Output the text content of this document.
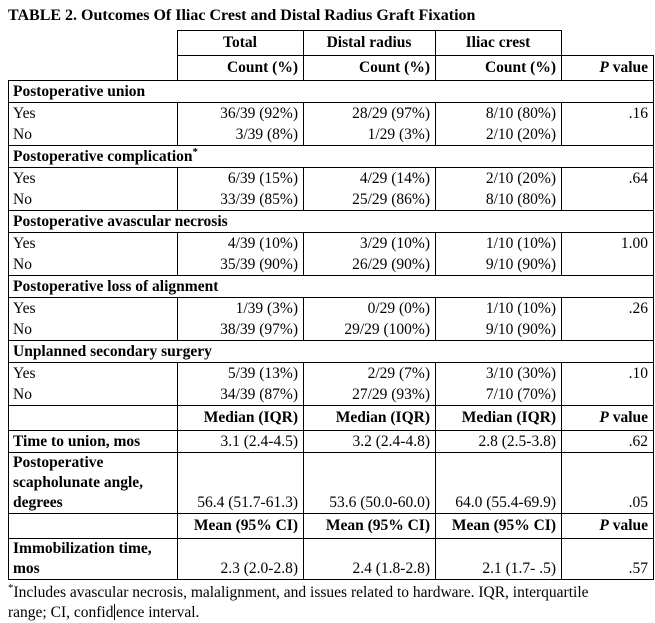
TABLE 2. Outcomes Of Iliac Crest and Distal Radius Graft Fixation
	Total	Distal radius	Iliac crest	
	Count (%)	Count (%)	Count (%)	P value
Postoperative union				
Yes	36/39 (92%)	28/29 (97%)	8/10 (80%)	.16
No	3/39 (8%)	1/29 (3%)	2/10 (20%)	
Postoperative complication*
Yes	6/39 (15%)	4/29 (14%)	2/10 (20%)	.64
No	33/39 (85%)	25/29 (86%)	8/10 (80%)	
Postoperative avascular necrosis				
Yes	4/39 (10%)	3/29 (10%)	1/10 (10%)	1.00
No	35/39 (90%)	26/29 (90%)	9/10 (90%)	
Postoperative loss of alignment				
Yes	1/39 (3%)	0/29 (0%)	1/10 (10%)	.26
No	38/39 (97%)	29/29 (100%)	9/10 (90%)	
Unplanned secondary surgery				
Yes	5/39 (13%)	2/29 (7%)	3/10 (30%)	.10
No	34/39 (87%)	27/29 (93%)	7/10 (70%)	
	Median (IQR)	Median (IQR)	Median (IQR)	P value
Time to union, mos	3.1 (2.4-4.5)	3.2 (2.4-4.8)	2.8 (2.5-3.8)	.62
Postoperative
scapholunate angle,
degrees	56.4 (51.7-61.3)	53.6 (50.0-60.0)	64.0 (55.4-69.9)	.05
	Mean (95% CI)	Mean (95% CI)	Mean (95% CI)	P value
Immobilization time,
mos	2.3 (2.0-2.8)	2.4 (1.8-2.8)	2.1 (1.7- .5)	.57
*Includes avascular necrosis, malalignment, and issues related to hardware. IQR, interquartile
range; CI, confid ence interval.
